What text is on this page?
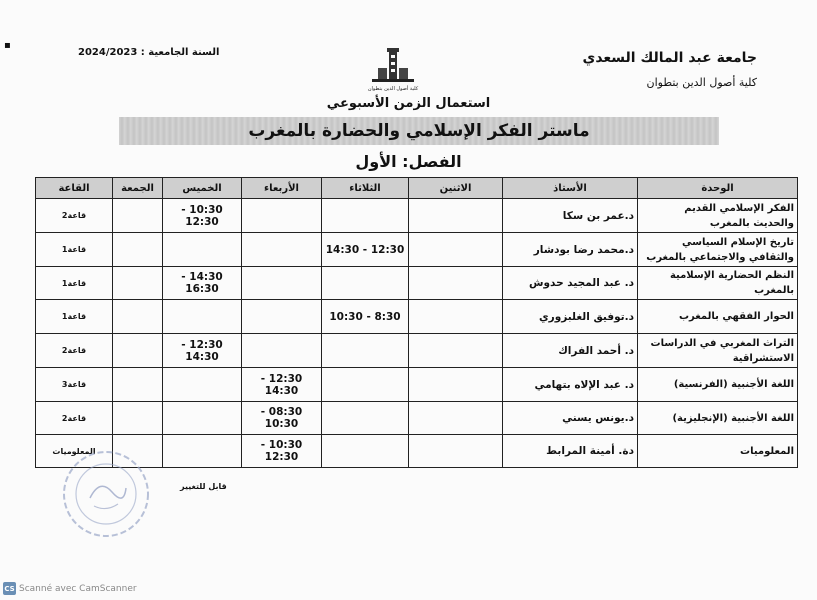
▪
جامعة عبد المالك السعدي
كلية أصول الدين بتطوان
السنة الجامعية : 2024/2023
كلية أصول الدين بتطوان
استعمال الزمن الأسبوعي
ماستر الفكر الإسلامي والحضارة بالمغرب
الفصل: الأول
الوحدة	الأستاذ	الاثنين	الثلاثاء	الأربعاء	الخميس	الجمعة	القاعة
الفكر الإسلامي القديم والحديث بالمغرب	د.عمر بن سكا				10:30 - 12:30		قاعة2
تاريخ الإسلام السياسي والثقافي والاجتماعي بالمغرب	د.محمد رضا بودشار		12:30 - 14:30				قاعة1
النظم الحضارية الإسلامية بالمغرب	د. عبد المجيد حدوش				14:30 - 16:30		قاعة1
الحوار الفقهي بالمغرب	د.توفيق الغلبزوري		8:30 - 10:30				قاعة1
التراث المغربي في الدراسات الاستشراقية	د. أحمد الفراك				12:30 - 14:30		قاعة2
اللغة الأجنبية (الفرنسية)	د. عبد الإلاه بتهامي			12:30 - 14:30			قاعة3
اللغة الأجنبية (الإنجليزية)	د.يونس يسني			08:30 - 10:30			قاعة2
المعلوميات	دة. أمينة المرابط			10:30 - 12:30			المعلوميات
قابل للتغيير
CS Scanné avec CamScanner
